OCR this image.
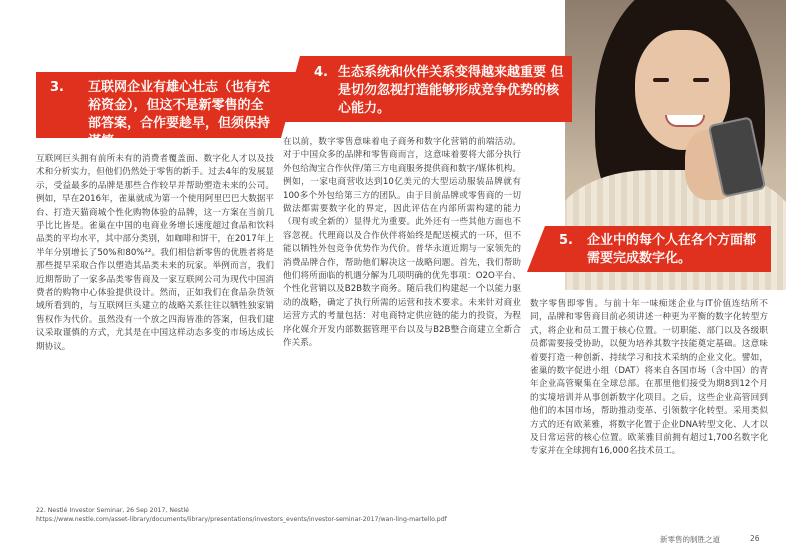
3. 互联网企业有雄心壮志（也有充裕资金），但这不是新零售的全部答案，合作要趁早，但须保持谨慎。
4. 生态系统和伙伴关系变得越来越重要 但是切勿忽视打造能够形成竞争优势的核心能力。
5. 企业中的每个人在各个方面都需要完成数字化。
互联网巨头拥有前所未有的消费者覆盖面、数字化人才以及技术和分析实力，但他们仍然处于零售的新手。过去4年的发展显示，受益最多的品牌是那些合作较早并帮助塑造未来的公司。例如，早在2016年，雀巢就成为第一个使用阿里巴巴大数据平台、打造天猫商城个性化购物体验的品牌，这一方案在当前几乎比比皆是。雀巢在中国的电商业务增长速度超过食品和饮料品类的平均水平，其中部分类别，如咖啡和饼干，在2017年上半年分别增长了50%和80%²²。我们相信新零售的优胜者将是那些提早采取合作以塑造其品类未来的玩家。举例而言，我们近期帮助了一家多品类零售商及一家互联网公司为现代中国消费者的购物中心体验提供设计。然而，正如我们在食品杂货领域所看到的，与互联网巨头建立的战略关系往往以牺牲独家销售权作为代价。虽然没有一个放之四海皆准的答案，但我们建议采取谨慎的方式，尤其是在中国这样动态多变的市场达成长期协议。
在以前，数字零售意味着电子商务和数字化营销的前端活动。对于中国众多的品牌和零售商而言，这意味着要将大部分执行外包给淘宝合作伙伴/第三方电商服务提供商和数字/媒体机构。例如，一家电商营收达到10亿美元的大型运动服装品牌就有100多个外包给第三方的团队。由于目前品牌或零售商的一切做法都需要数字化的界定，因此评估在内部所需构建的能力（现有或全新的）显得尤为重要。此外还有一些其他方面也不容忽视。代理商以及合作伙伴将始终是配送模式的一环，但不能以牺牲外包竞争优势作为代价。普华永道近期与一家领先的消费品牌合作，帮助他们解决这一战略问题。首先，我们帮助他们将所面临的机遇分解为几项明确的优先事项：O2O平台、个性化营销以及B2B数字商务。随后我们构建起一个以能力驱动的战略，确定了执行所需的运营和技术要求。未来针对商业运营方式的考量包括：对电商特定供应链的能力的投资，为程序化媒介开发内部数据管理平台以及与B2B整合商建立全新合作关系。
数字零售即零售。与前十年一味痴迷企业与IT价值连结所不同，品牌和零售商目前必须讲述一种更为平衡的数字化转型方式，将企业和员工置于核心位置。一切职能、部门以及各级职员都需要接受协助，以便为培养其数字技能奠定基础。这意味着要打造一种创新、持续学习和技术采纳的企业文化。譬如，雀巢的数字促进小组（DAT）将来自各国市场（含中国）的青年企业高管聚集在全球总部。在那里他们接受为期8到12个月的实境培训并从事创新数字化项目。之后，这些企业高管回到他们的本国市场，帮助推动变革、引领数字化转型。采用类似方式的还有欧莱雅，将数字化置于企业DNA转型文化、人才以及日常运营的核心位置。欧莱雅目前拥有超过1,700名数字化专家并在全球拥有16,000名技术员工。
22. Nestlé Investor Seminar, 26 Sep 2017, Nestlé
https://www.nestle.com/asset-library/documents/library/presentations/investors_events/investor-seminar-2017/wan-ling-martello.pdf
新零售的制胜之道	26
